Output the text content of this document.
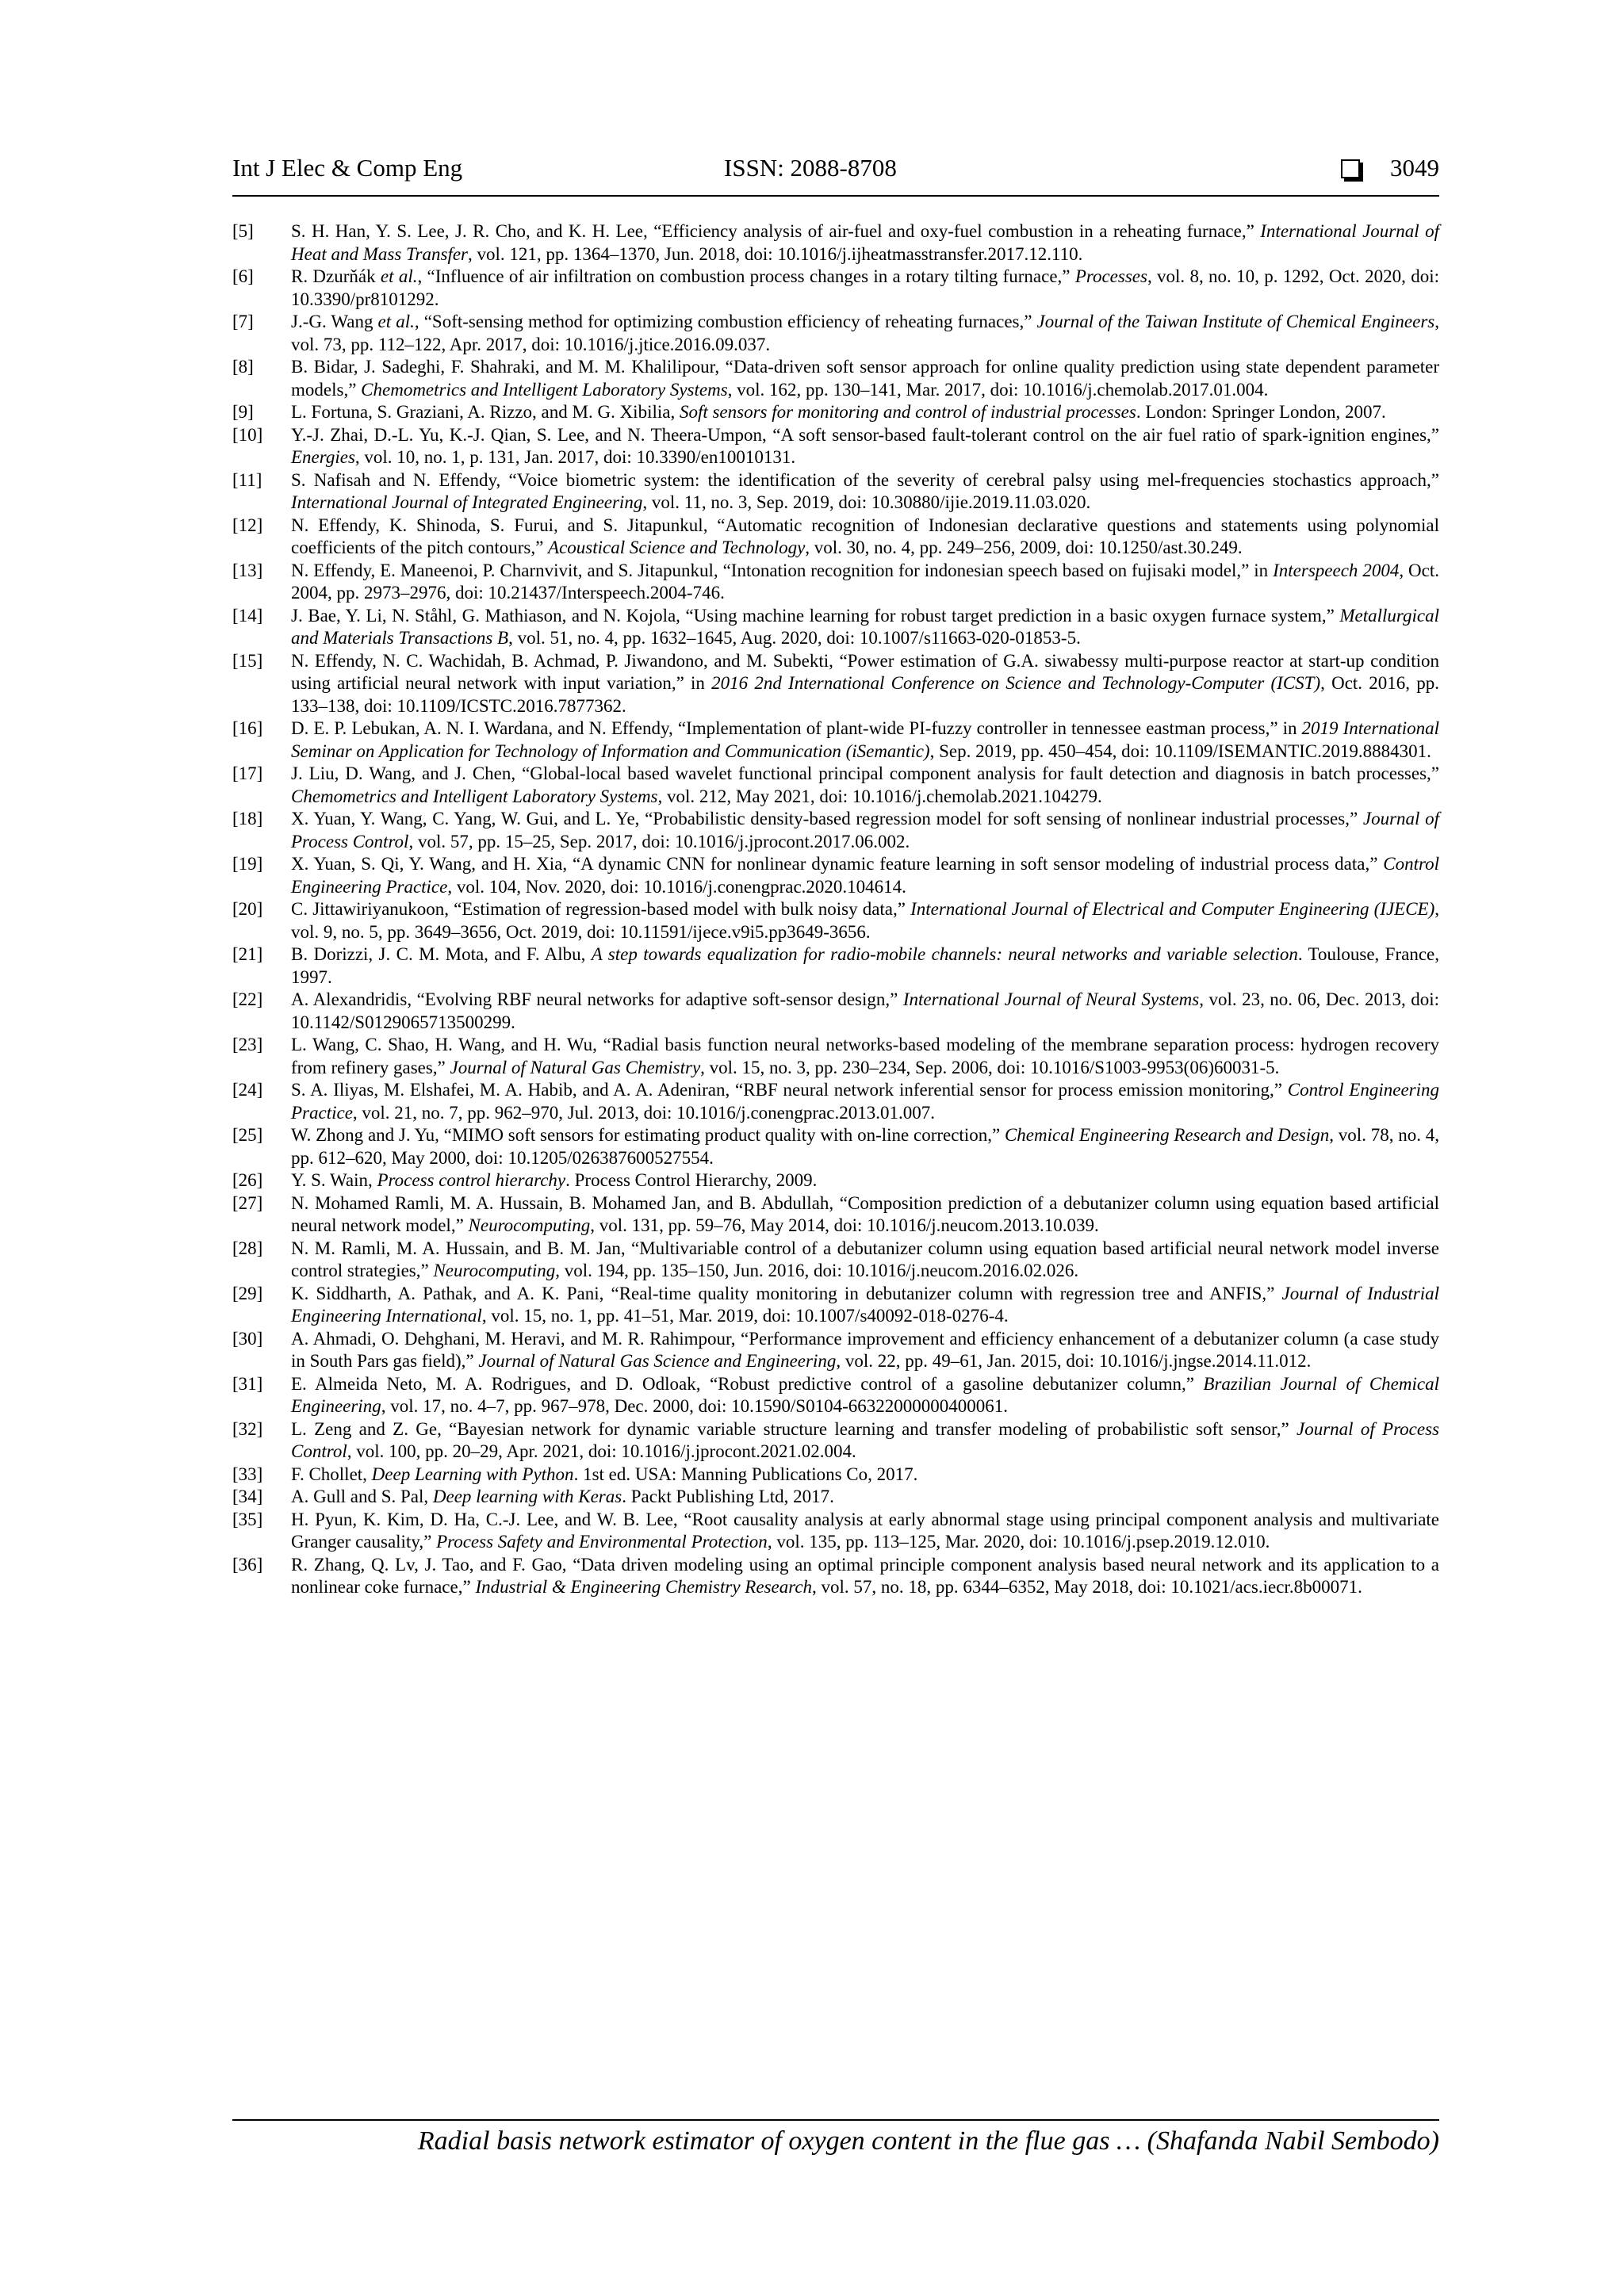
Int J Elec & Comp Eng	ISSN: 2088-8708	3049
[5]	S. H. Han, Y. S. Lee, J. R. Cho, and K. H. Lee, “Efficiency analysis of air-fuel and oxy-fuel combustion in a reheating furnace,” International Journal of Heat and Mass Transfer, vol. 121, pp. 1364–1370, Jun. 2018, doi: 10.1016/j.ijheatmasstransfer.2017.12.110.
[6]	R. Dzurňák et al., “Influence of air infiltration on combustion process changes in a rotary tilting furnace,” Processes, vol. 8, no. 10, p. 1292, Oct. 2020, doi: 10.3390/pr8101292.
[7]	J.-G. Wang et al., “Soft-sensing method for optimizing combustion efficiency of reheating furnaces,” Journal of the Taiwan Institute of Chemical Engineers, vol. 73, pp. 112–122, Apr. 2017, doi: 10.1016/j.jtice.2016.09.037.
[8]	B. Bidar, J. Sadeghi, F. Shahraki, and M. M. Khalilipour, “Data-driven soft sensor approach for online quality prediction using state dependent parameter models,” Chemometrics and Intelligent Laboratory Systems, vol. 162, pp. 130–141, Mar. 2017, doi: 10.1016/j.chemolab.2017.01.004.
[9]	L. Fortuna, S. Graziani, A. Rizzo, and M. G. Xibilia, Soft sensors for monitoring and control of industrial processes. London: Springer London, 2007.
[10]	Y.-J. Zhai, D.-L. Yu, K.-J. Qian, S. Lee, and N. Theera-Umpon, “A soft sensor-based fault-tolerant control on the air fuel ratio of spark-ignition engines,” Energies, vol. 10, no. 1, p. 131, Jan. 2017, doi: 10.3390/en10010131.
[11]	S. Nafisah and N. Effendy, “Voice biometric system: the identification of the severity of cerebral palsy using mel-frequencies stochastics approach,” International Journal of Integrated Engineering, vol. 11, no. 3, Sep. 2019, doi: 10.30880/ijie.2019.11.03.020.
[12]	N. Effendy, K. Shinoda, S. Furui, and S. Jitapunkul, “Automatic recognition of Indonesian declarative questions and statements using polynomial coefficients of the pitch contours,” Acoustical Science and Technology, vol. 30, no. 4, pp. 249–256, 2009, doi: 10.1250/ast.30.249.
[13]	N. Effendy, E. Maneenoi, P. Charnvivit, and S. Jitapunkul, “Intonation recognition for indonesian speech based on fujisaki model,” in Interspeech 2004, Oct. 2004, pp. 2973–2976, doi: 10.21437/Interspeech.2004-746.
[14]	J. Bae, Y. Li, N. Ståhl, G. Mathiason, and N. Kojola, “Using machine learning for robust target prediction in a basic oxygen furnace system,” Metallurgical and Materials Transactions B, vol. 51, no. 4, pp. 1632–1645, Aug. 2020, doi: 10.1007/s11663-020-01853-5.
[15]	N. Effendy, N. C. Wachidah, B. Achmad, P. Jiwandono, and M. Subekti, “Power estimation of G.A. siwabessy multi-purpose reactor at start-up condition using artificial neural network with input variation,” in 2016 2nd International Conference on Science and Technology-Computer (ICST), Oct. 2016, pp. 133–138, doi: 10.1109/ICSTC.2016.7877362.
[16]	D. E. P. Lebukan, A. N. I. Wardana, and N. Effendy, “Implementation of plant-wide PI-fuzzy controller in tennessee eastman process,” in 2019 International Seminar on Application for Technology of Information and Communication (iSemantic), Sep. 2019, pp. 450–454, doi: 10.1109/ISEMANTIC.2019.8884301.
[17]	J. Liu, D. Wang, and J. Chen, “Global-local based wavelet functional principal component analysis for fault detection and diagnosis in batch processes,” Chemometrics and Intelligent Laboratory Systems, vol. 212, May 2021, doi: 10.1016/j.chemolab.2021.104279.
[18]	X. Yuan, Y. Wang, C. Yang, W. Gui, and L. Ye, “Probabilistic density-based regression model for soft sensing of nonlinear industrial processes,” Journal of Process Control, vol. 57, pp. 15–25, Sep. 2017, doi: 10.1016/j.jprocont.2017.06.002.
[19]	X. Yuan, S. Qi, Y. Wang, and H. Xia, “A dynamic CNN for nonlinear dynamic feature learning in soft sensor modeling of industrial process data,” Control Engineering Practice, vol. 104, Nov. 2020, doi: 10.1016/j.conengprac.2020.104614.
[20]	C. Jittawiriyanukoon, “Estimation of regression-based model with bulk noisy data,” International Journal of Electrical and Computer Engineering (IJECE), vol. 9, no. 5, pp. 3649–3656, Oct. 2019, doi: 10.11591/ijece.v9i5.pp3649-3656.
[21]	B. Dorizzi, J. C. M. Mota, and F. Albu, A step towards equalization for radio-mobile channels: neural networks and variable selection. Toulouse, France, 1997.
[22]	A. Alexandridis, “Evolving RBF neural networks for adaptive soft-sensor design,” International Journal of Neural Systems, vol. 23, no. 06, Dec. 2013, doi: 10.1142/S0129065713500299.
[23]	L. Wang, C. Shao, H. Wang, and H. Wu, “Radial basis function neural networks-based modeling of the membrane separation process: hydrogen recovery from refinery gases,” Journal of Natural Gas Chemistry, vol. 15, no. 3, pp. 230–234, Sep. 2006, doi: 10.1016/S1003-9953(06)60031-5.
[24]	S. A. Iliyas, M. Elshafei, M. A. Habib, and A. A. Adeniran, “RBF neural network inferential sensor for process emission monitoring,” Control Engineering Practice, vol. 21, no. 7, pp. 962–970, Jul. 2013, doi: 10.1016/j.conengprac.2013.01.007.
[25]	W. Zhong and J. Yu, “MIMO soft sensors for estimating product quality with on-line correction,” Chemical Engineering Research and Design, vol. 78, no. 4, pp. 612–620, May 2000, doi: 10.1205/026387600527554.
[26]	Y. S. Wain, Process control hierarchy. Process Control Hierarchy, 2009.
[27]	N. Mohamed Ramli, M. A. Hussain, B. Mohamed Jan, and B. Abdullah, “Composition prediction of a debutanizer column using equation based artificial neural network model,” Neurocomputing, vol. 131, pp. 59–76, May 2014, doi: 10.1016/j.neucom.2013.10.039.
[28]	N. M. Ramli, M. A. Hussain, and B. M. Jan, “Multivariable control of a debutanizer column using equation based artificial neural network model inverse control strategies,” Neurocomputing, vol. 194, pp. 135–150, Jun. 2016, doi: 10.1016/j.neucom.2016.02.026.
[29]	K. Siddharth, A. Pathak, and A. K. Pani, “Real-time quality monitoring in debutanizer column with regression tree and ANFIS,” Journal of Industrial Engineering International, vol. 15, no. 1, pp. 41–51, Mar. 2019, doi: 10.1007/s40092-018-0276-4.
[30]	A. Ahmadi, O. Dehghani, M. Heravi, and M. R. Rahimpour, “Performance improvement and efficiency enhancement of a debutanizer column (a case study in South Pars gas field),” Journal of Natural Gas Science and Engineering, vol. 22, pp. 49–61, Jan. 2015, doi: 10.1016/j.jngse.2014.11.012.
[31]	E. Almeida Neto, M. A. Rodrigues, and D. Odloak, “Robust predictive control of a gasoline debutanizer column,” Brazilian Journal of Chemical Engineering, vol. 17, no. 4–7, pp. 967–978, Dec. 2000, doi: 10.1590/S0104-66322000000400061.
[32]	L. Zeng and Z. Ge, “Bayesian network for dynamic variable structure learning and transfer modeling of probabilistic soft sensor,” Journal of Process Control, vol. 100, pp. 20–29, Apr. 2021, doi: 10.1016/j.jprocont.2021.02.004.
[33]	F. Chollet, Deep Learning with Python. 1st ed. USA: Manning Publications Co, 2017.
[34]	A. Gull and S. Pal, Deep learning with Keras. Packt Publishing Ltd, 2017.
[35]	H. Pyun, K. Kim, D. Ha, C.-J. Lee, and W. B. Lee, “Root causality analysis at early abnormal stage using principal component analysis and multivariate Granger causality,” Process Safety and Environmental Protection, vol. 135, pp. 113–125, Mar. 2020, doi: 10.1016/j.psep.2019.12.010.
[36]	R. Zhang, Q. Lv, J. Tao, and F. Gao, “Data driven modeling using an optimal principle component analysis based neural network and its application to a nonlinear coke furnace,” Industrial & Engineering Chemistry Research, vol. 57, no. 18, pp. 6344–6352, May 2018, doi: 10.1021/acs.iecr.8b00071.
Radial basis network estimator of oxygen content in the flue gas … (Shafanda Nabil Sembodo)
